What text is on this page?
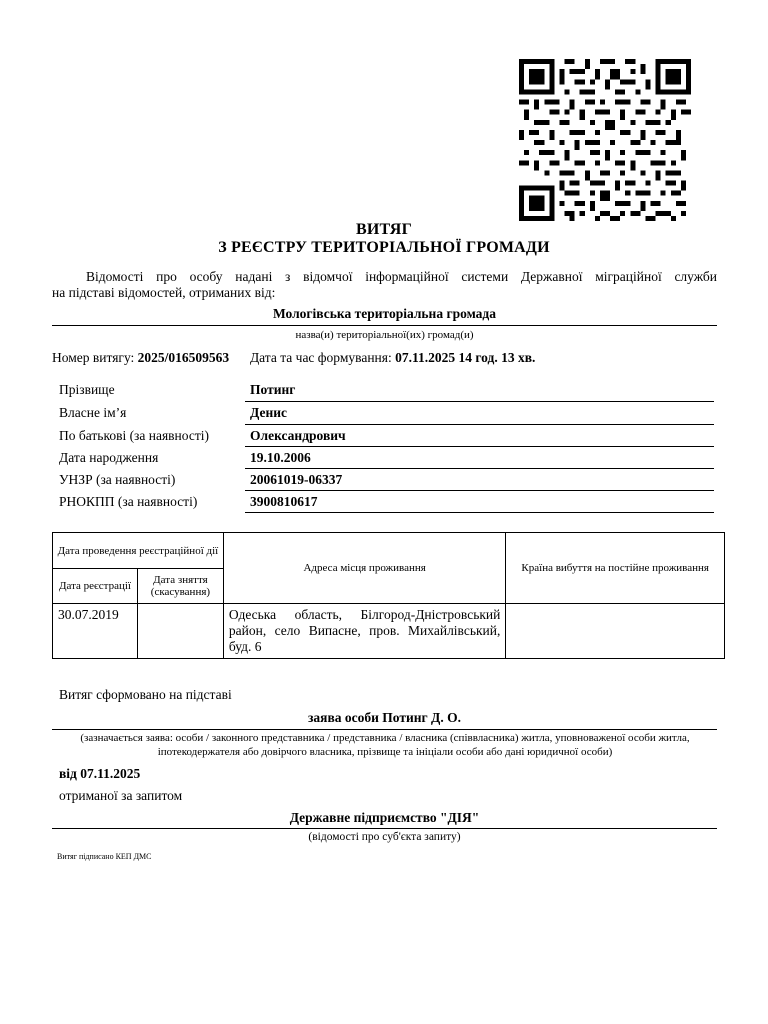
ВИТЯГ
З РЕЄСТРУ ТЕРИТОРІАЛЬНОЇ ГРОМАДИ
Відомості про особу надані з відомчої інформаційної системи Державної міграційної служби
на підставі відомостей, отриманих від:
Мологівська територіальна громада
назва(и) територіальної(их) громад(и)
Номер витягу: 2025/016509563 Дата та час формування: 07.11.2025 14 год. 13 хв.
Прізвище	Потинг
Власне ім’я	Денис
По батькові (за наявності)	Олександрович
Дата народження	19.10.2006
УНЗР (за наявності)	20061019-06337
РНОКПП (за наявності)	3900810617
Дата проведення реєстраційної дії		Адреса місця проживання	Країна вибуття на постійне проживання
Дата реєстрації	Дата зняття (скасування)		
30.07.2019		Одеська область, Білгород-Дністровський район, село Випасне, пров. Михайлівський, буд. 6	
Витяг сформовано на підставі
заява особи Потинг Д. О.
(зазначається заява: особи / законного представника / представника / власника (співвласника) житла, уповноваженої особи житла, іпотекодержателя або довірчого власника, прізвище та ініціали особи або дані юридичної особи)
від 07.11.2025
отриманої за запитом
Державне підприємство "ДІЯ"
(відомості про суб'єкта запиту)
Витяг підписано КЕП ДМС
